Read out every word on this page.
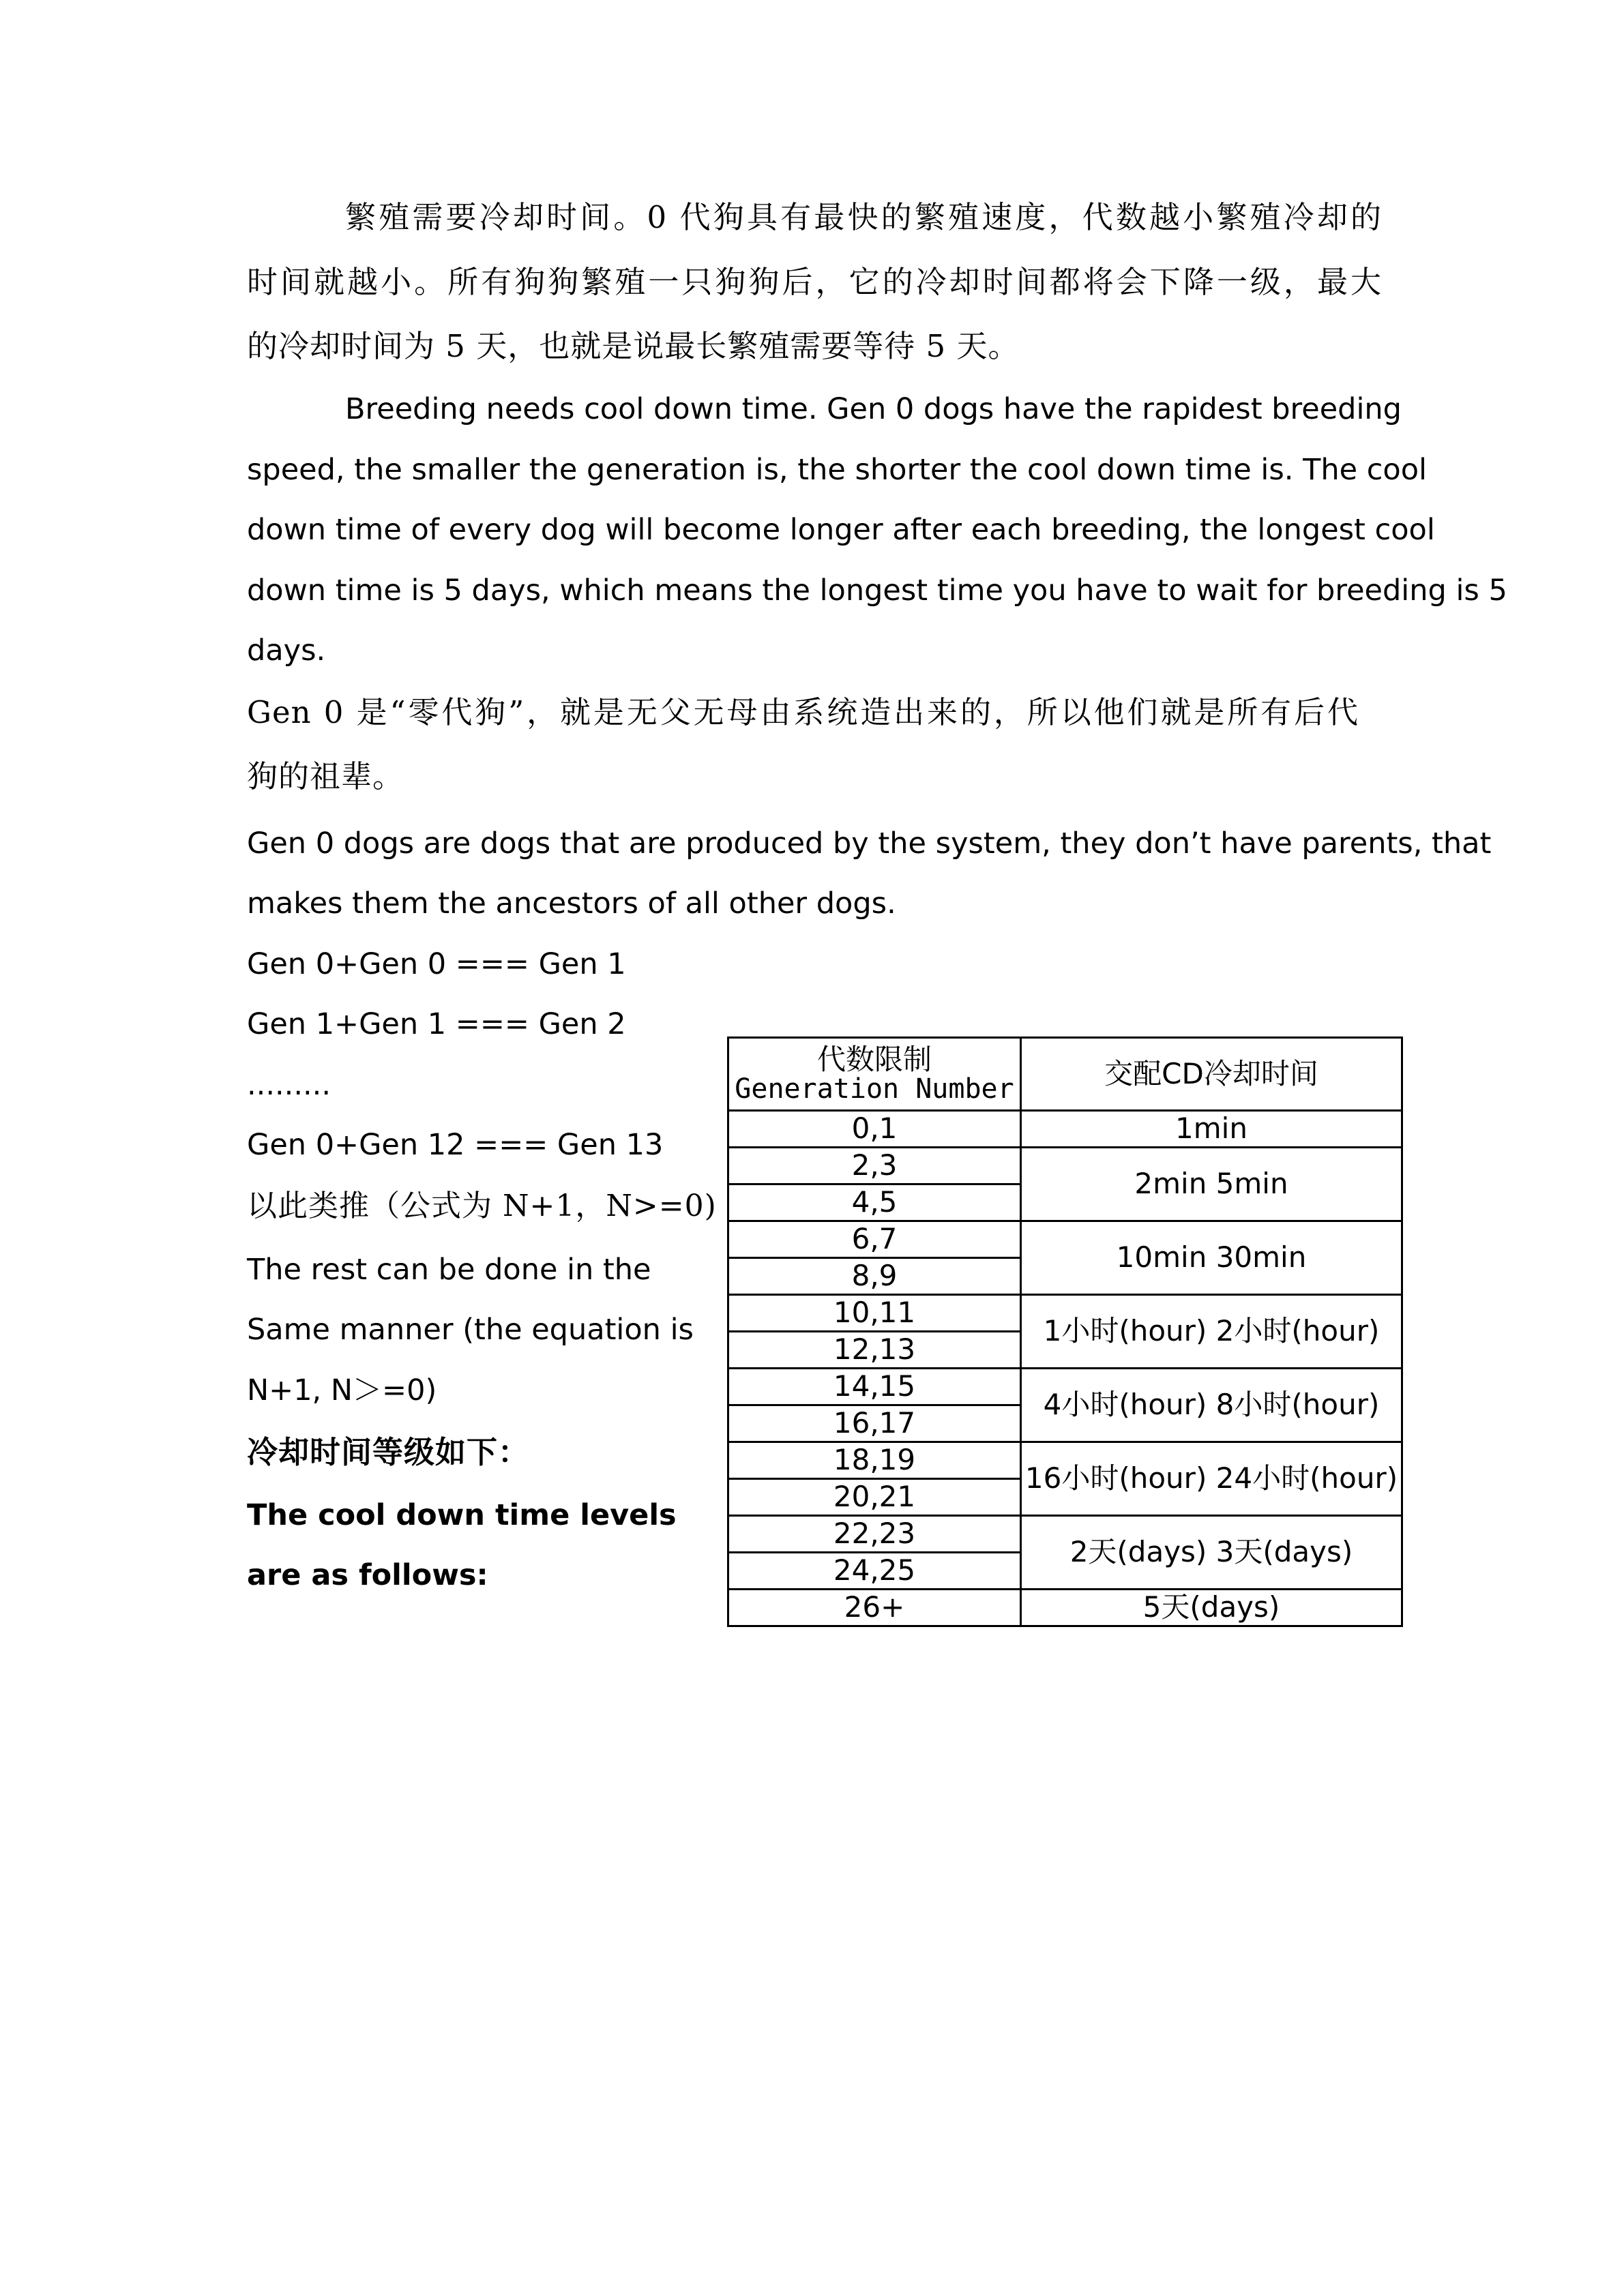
繁殖需要冷却时间。0 代狗具有最快的繁殖速度，代数越小繁殖冷却的
时间就越小。所有狗狗繁殖一只狗狗后，它的冷却时间都将会下降一级，最大
的冷却时间为 5 天，也就是说最长繁殖需要等待 5 天。
Breeding needs cool down time. Gen 0 dogs have the rapidest breeding
speed, the smaller the generation is, the shorter the cool down time is. The cool
down time of every dog will become longer after each breeding, the longest cool
down time is 5 days, which means the longest time you have to wait for breeding is 5
days.
Gen 0 是“零代狗”，就是无父无母由系统造出来的，所以他们就是所有后代
狗的祖辈。
Gen 0 dogs are dogs that are produced by the system, they don’t have parents, that
makes them the ancestors of all other dogs.
Gen 0+Gen 0 === Gen 1
Gen 1+Gen 1 === Gen 2
.........
Gen 0+Gen 12 === Gen 13
以此类推（公式为 N+1，N>=0)
The rest can be done in the
Same manner (the equation is
N+1, N＞=0)
冷却时间等级如下：
The cool down time levels
are as follows:
代数限制
Generation Number	交配CD冷却时间
0,1	1min
2,3	2min 5min
4,5	
6,7	10min 30min
8,9	
10,11	1小时(hour) 2小时(hour)
12,13	
14,15	4小时(hour) 8小时(hour)
16,17	
18,19	16小时(hour) 24小时(hour)
20,21	
22,23	2天(days) 3天(days)
24,25	
26+	5天(days)
